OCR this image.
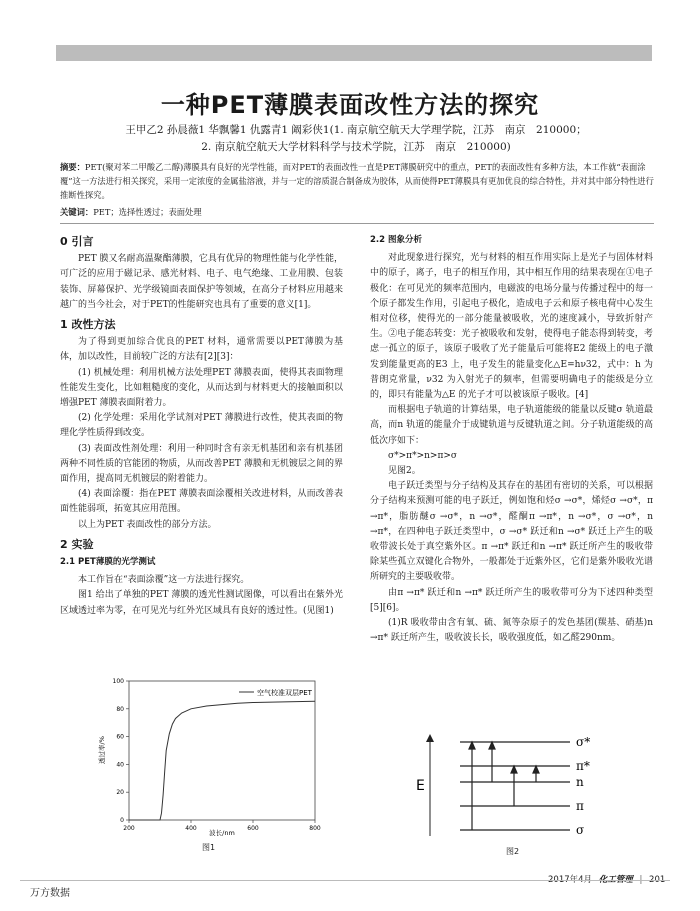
一种PET薄膜表面改性方法的探究
王甲乙2 孙晨薇1 华飘馨1 仇露青1 阚彩侠1(1. 南京航空航天大学理学院，江苏　南京　210000；
2. 南京航空航天大学材料科学与技术学院，江苏　南京　210000)
摘要：PET(聚对苯二甲酸乙二醇)薄膜具有良好的光学性能，而对PET的表面改性一直是PET薄膜研究中的重点，PET的表面改性有多种方法，本工作就“表面涂覆”这一方法进行相关探究，采用一定浓度的金属盐溶液，并与一定的溶质混合制备成为胶体，从而使得PET薄膜具有更加优良的综合特性，并对其中部分特性进行推断性探究。
关键词：PET；选择性透过；表面处理
0 引言

PET 膜又名耐高温聚酯薄膜，它具有优异的物理性能与化学性能，可广泛的应用于磁记录、感光材料、电子、电气绝缘、工业用膜、包装装饰、屏幕保护、光学级镜面表面保护等领域，在高分子材料应用越来越广的当今社会，对于PET的性能研究也具有了重要的意义[1]。

1 改性方法

为了得到更加综合优良的PET 材料，通常需要以PET薄膜为基体，加以改性，目前较广泛的方法有[2][3]：

(1) 机械处理：利用机械方法处理PET 薄膜表面，使得其表面物理性能发生变化，比如粗糙度的变化，从而达到与材料更大的接触面积以增强PET 薄膜表面附着力。

(2) 化学处理：采用化学试剂对PET 薄膜进行改性，使其表面的物理化学性质得到改变。

(3) 表面改性剂处理：利用一种同时含有亲无机基团和亲有机基团两种不同性质的官能团的物质，从而改善PET 薄膜和无机镀层之间的界面作用，提高同无机镀层的附着能力。

(4) 表面涂覆：指在PET 薄膜表面涂覆相关改进材料，从而改善表面性能弱项，拓宽其应用范围。

以上为PET 表面改性的部分方法。

2 实验
2.1 PET薄膜的光学测试

本工作旨在“表面涂覆”这一方法进行探究。

图1 给出了单独的PET 薄膜的透光性测试图像，可以看出在紫外光区域透过率为零，在可见光与红外光区域具有良好的透过性。(见图1)

200	400	600	800
0
20
40
60
80
100
空气校准双层PET
波长/nm
透过率/%
图1
2.2 图象分析

对此现象进行探究，光与材料的相互作用实际上是光子与固体材料中的原子，离子，电子的相互作用，其中相互作用的结果表现在①电子极化：在可见光的频率范围内，电磁波的电场分量与传播过程中的每一个原子都发生作用，引起电子极化，造成电子云和原子核电荷中心发生相对位移，使得光的一部分能量被吸收，光的速度减小，导致折射产生。②电子能态转变：光子被吸收和发射，使得电子能态得到转变，考虑一孤立的原子，该原子吸收了光子能量后可能将E2 能级上的电子激发到能量更高的E3 上，电子发生的能量变化△E=hν32，式中：h 为普朗克常量，ν32 为入射光子的频率，但需要明确电子的能级是分立的，即只有能量为△E 的光子才可以被该原子吸收。[4]

而根据电子轨道的计算结果，电子轨道能级的能量以反键σ 轨道最高，而n 轨道的能量介于成键轨道与反键轨道之间。分子轨道能级的高低次序如下：

σ*>π*>n>π>σ

见图2。

电子跃迁类型与分子结构及其存在的基团有密切的关系，可以根据分子结构来预测可能的电子跃迁，例如饱和烃σ →σ*，烯烃σ →σ*，π →π*，脂肪醚σ →σ*，n →σ*，醛酮π →π*，n →σ*，σ →σ*，n →π*，在四种电子跃迁类型中，σ →σ* 跃迁和n →σ* 跃迁上产生的吸收带波长处于真空紫外区。π →π* 跃迁和n →π* 跃迁所产生的吸收带除某些孤立双键化合物外，一般都处于近紫外区，它们是紫外吸收光谱所研究的主要吸收带。

由π →π* 跃迁和n →π* 跃迁所产生的吸收带可分为下述四种类型[5][6]。

(1)R 吸收带由含有氧、硫、氮等杂原子的发色基团(羰基、硝基)n →π* 跃迁所产生，吸收波长长，吸收强度低，如乙醛290nm。

E
σ*
π*
n
π
σ
图2
2017年4月 化工管理 | 201
万方数据
